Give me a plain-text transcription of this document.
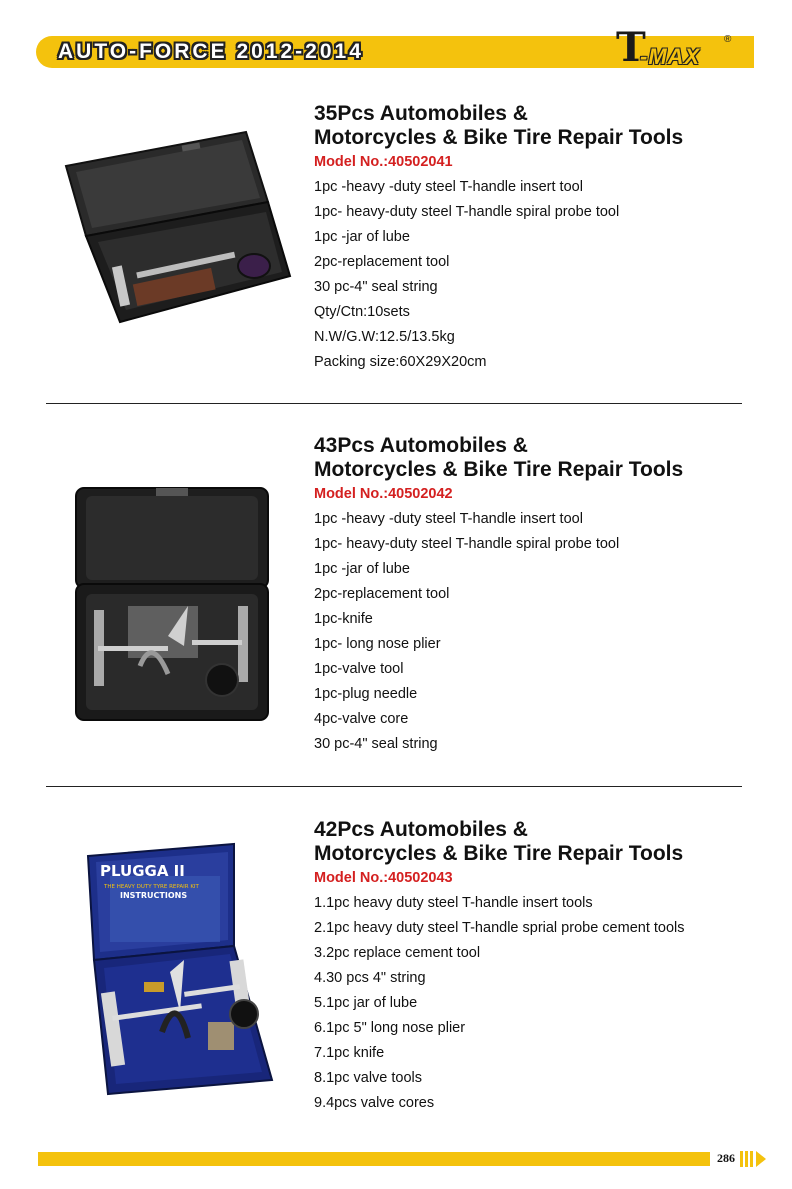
AUTO-FORCE 2012-2014	T
-MAX
®
35Pcs Automobiles &
Motorcycles & Bike Tire Repair Tools
Model No.:40502041
1pc -heavy -duty steel T-handle insert tool
1pc- heavy-duty steel T-handle spiral probe tool
1pc -jar of lube
2pc-replacement tool
30 pc-4" seal string
Qty/Ctn:10sets
N.W/G.W:12.5/13.5kg
Packing size:60X29X20cm
43Pcs Automobiles &
Motorcycles & Bike Tire Repair Tools
Model No.:40502042
1pc -heavy -duty steel T-handle insert tool
1pc- heavy-duty steel T-handle spiral probe tool
1pc -jar of lube
2pc-replacement tool
1pc-knife
1pc- long nose plier
1pc-valve tool
1pc-plug needle
4pc-valve core
30 pc-4" seal string
PLUGGA II
THE HEAVY DUTY TYRE REPAIR KIT
INSTRUCTIONS
42Pcs Automobiles &
Motorcycles & Bike Tire Repair Tools
Model No.:40502043
1.1pc heavy duty steel T-handle insert tools
2.1pc heavy duty steel T-handle sprial probe cement tools
3.2pc replace cement tool
4.30 pcs 4" string
5.1pc jar of lube
6.1pc 5" long nose plier
7.1pc knife
8.1pc valve tools
9.4pcs valve cores
286
